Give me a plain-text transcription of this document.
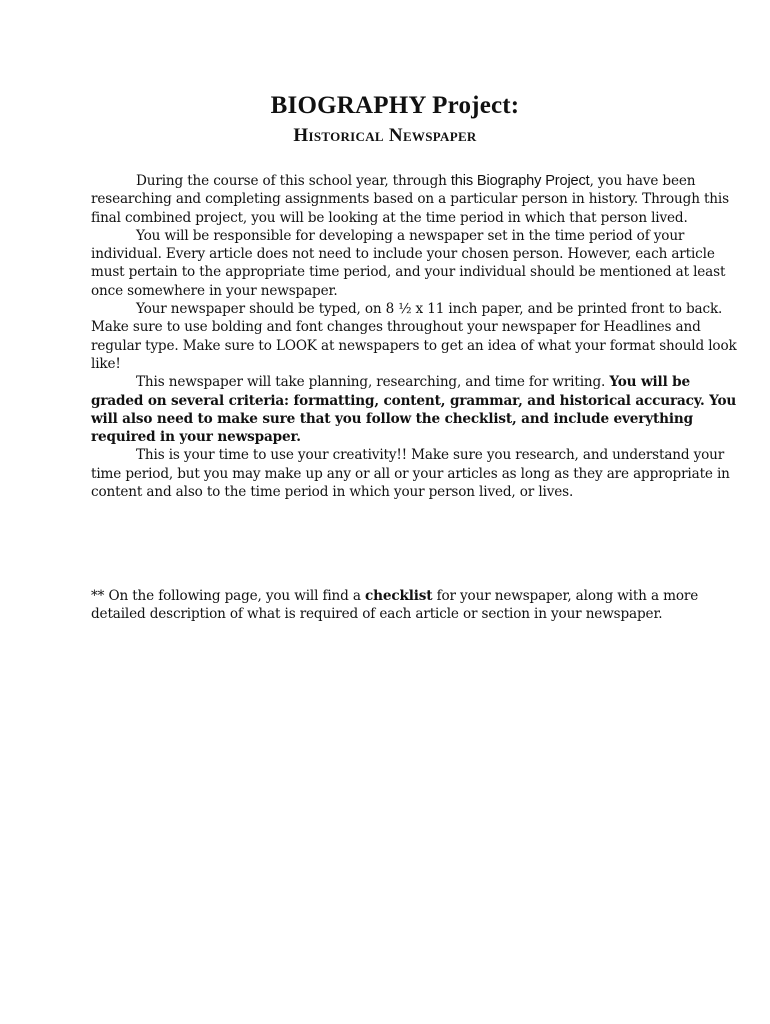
BIOGRAPHY Project:
Historical Newspaper

During the course of this school year, through this Biography Project, you have been researching and completing assignments based on a particular person in history. Through this final combined project, you will be looking at the time period in which that person lived.

You will be responsible for developing a newspaper set in the time period of your individual. Every article does not need to include your chosen person. However, each article must pertain to the appropriate time period, and your individual should be mentioned at least once somewhere in your newspaper.

Your newspaper should be typed, on 8 ½ x 11 inch paper, and be printed front to back. Make sure to use bolding and font changes throughout your newspaper for Headlines and regular type. Make sure to LOOK at newspapers to get an idea of what your format should look like!

This newspaper will take planning, researching, and time for writing. You will be graded on several criteria: formatting, content, grammar, and historical accuracy. You will also need to make sure that you follow the checklist, and include everything required in your newspaper.

This is your time to use your creativity!! Make sure you research, and understand your time period, but you may make up any or all or your articles as long as they are appropriate in content and also to the time period in which your person lived, or lives.

** On the following page, you will find a checklist for your newspaper, along with a more detailed description of what is required of each article or section in your newspaper.
